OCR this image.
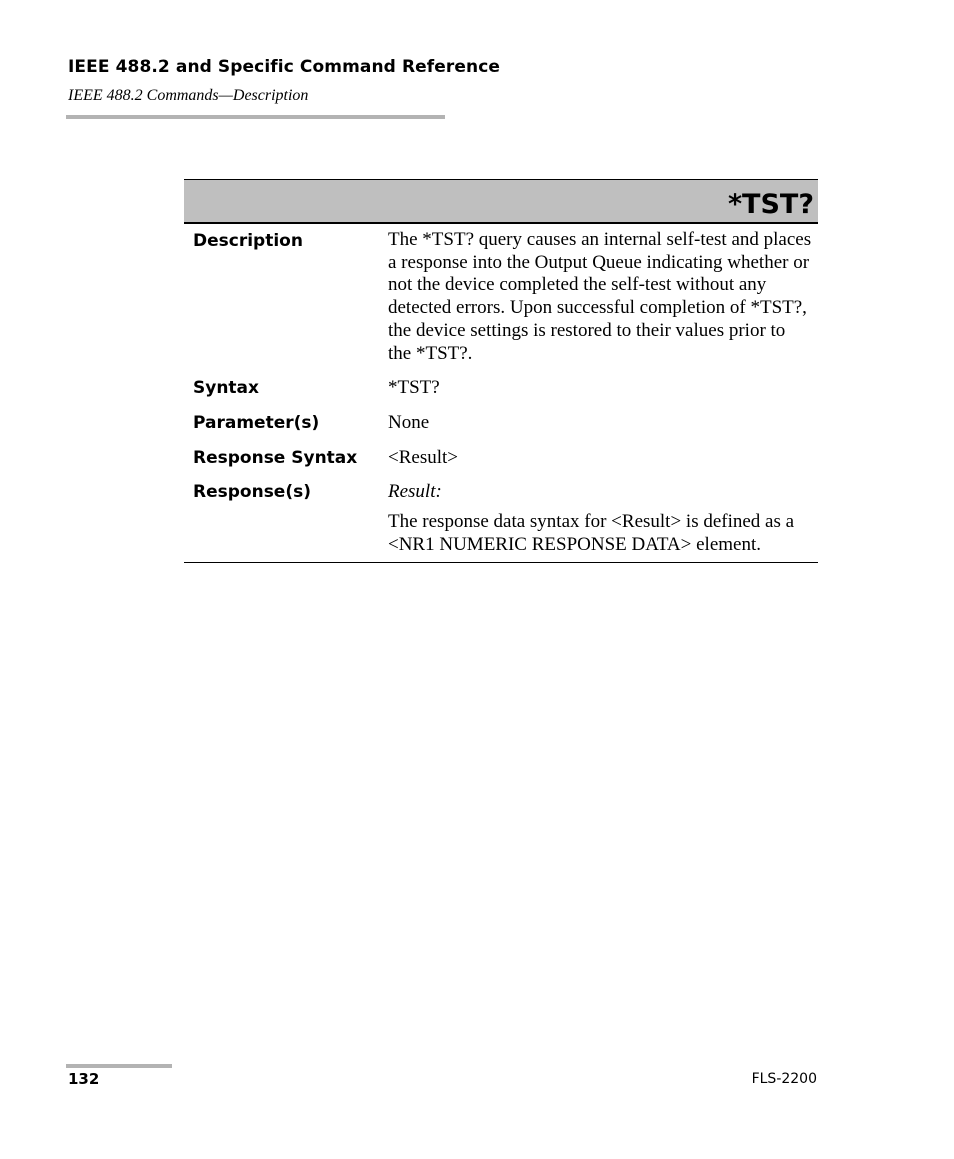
IEEE 488.2 and Specific Command Reference
IEEE 488.2 Commands—Description
*TST?
Description	The *TST? query causes an internal self-test and places a response into the Output Queue indicating whether or not the device completed the self-test without any detected errors. Upon successful completion of *TST?, the device settings is restored to their values prior to the *TST?.
Syntax	*TST?
Parameter(s)	None
Response Syntax	<Result>
Response(s)	Result:

The response data syntax for <Result> is defined as a <NR1 NUMERIC RESPONSE DATA> element.

132	FLS-2200
